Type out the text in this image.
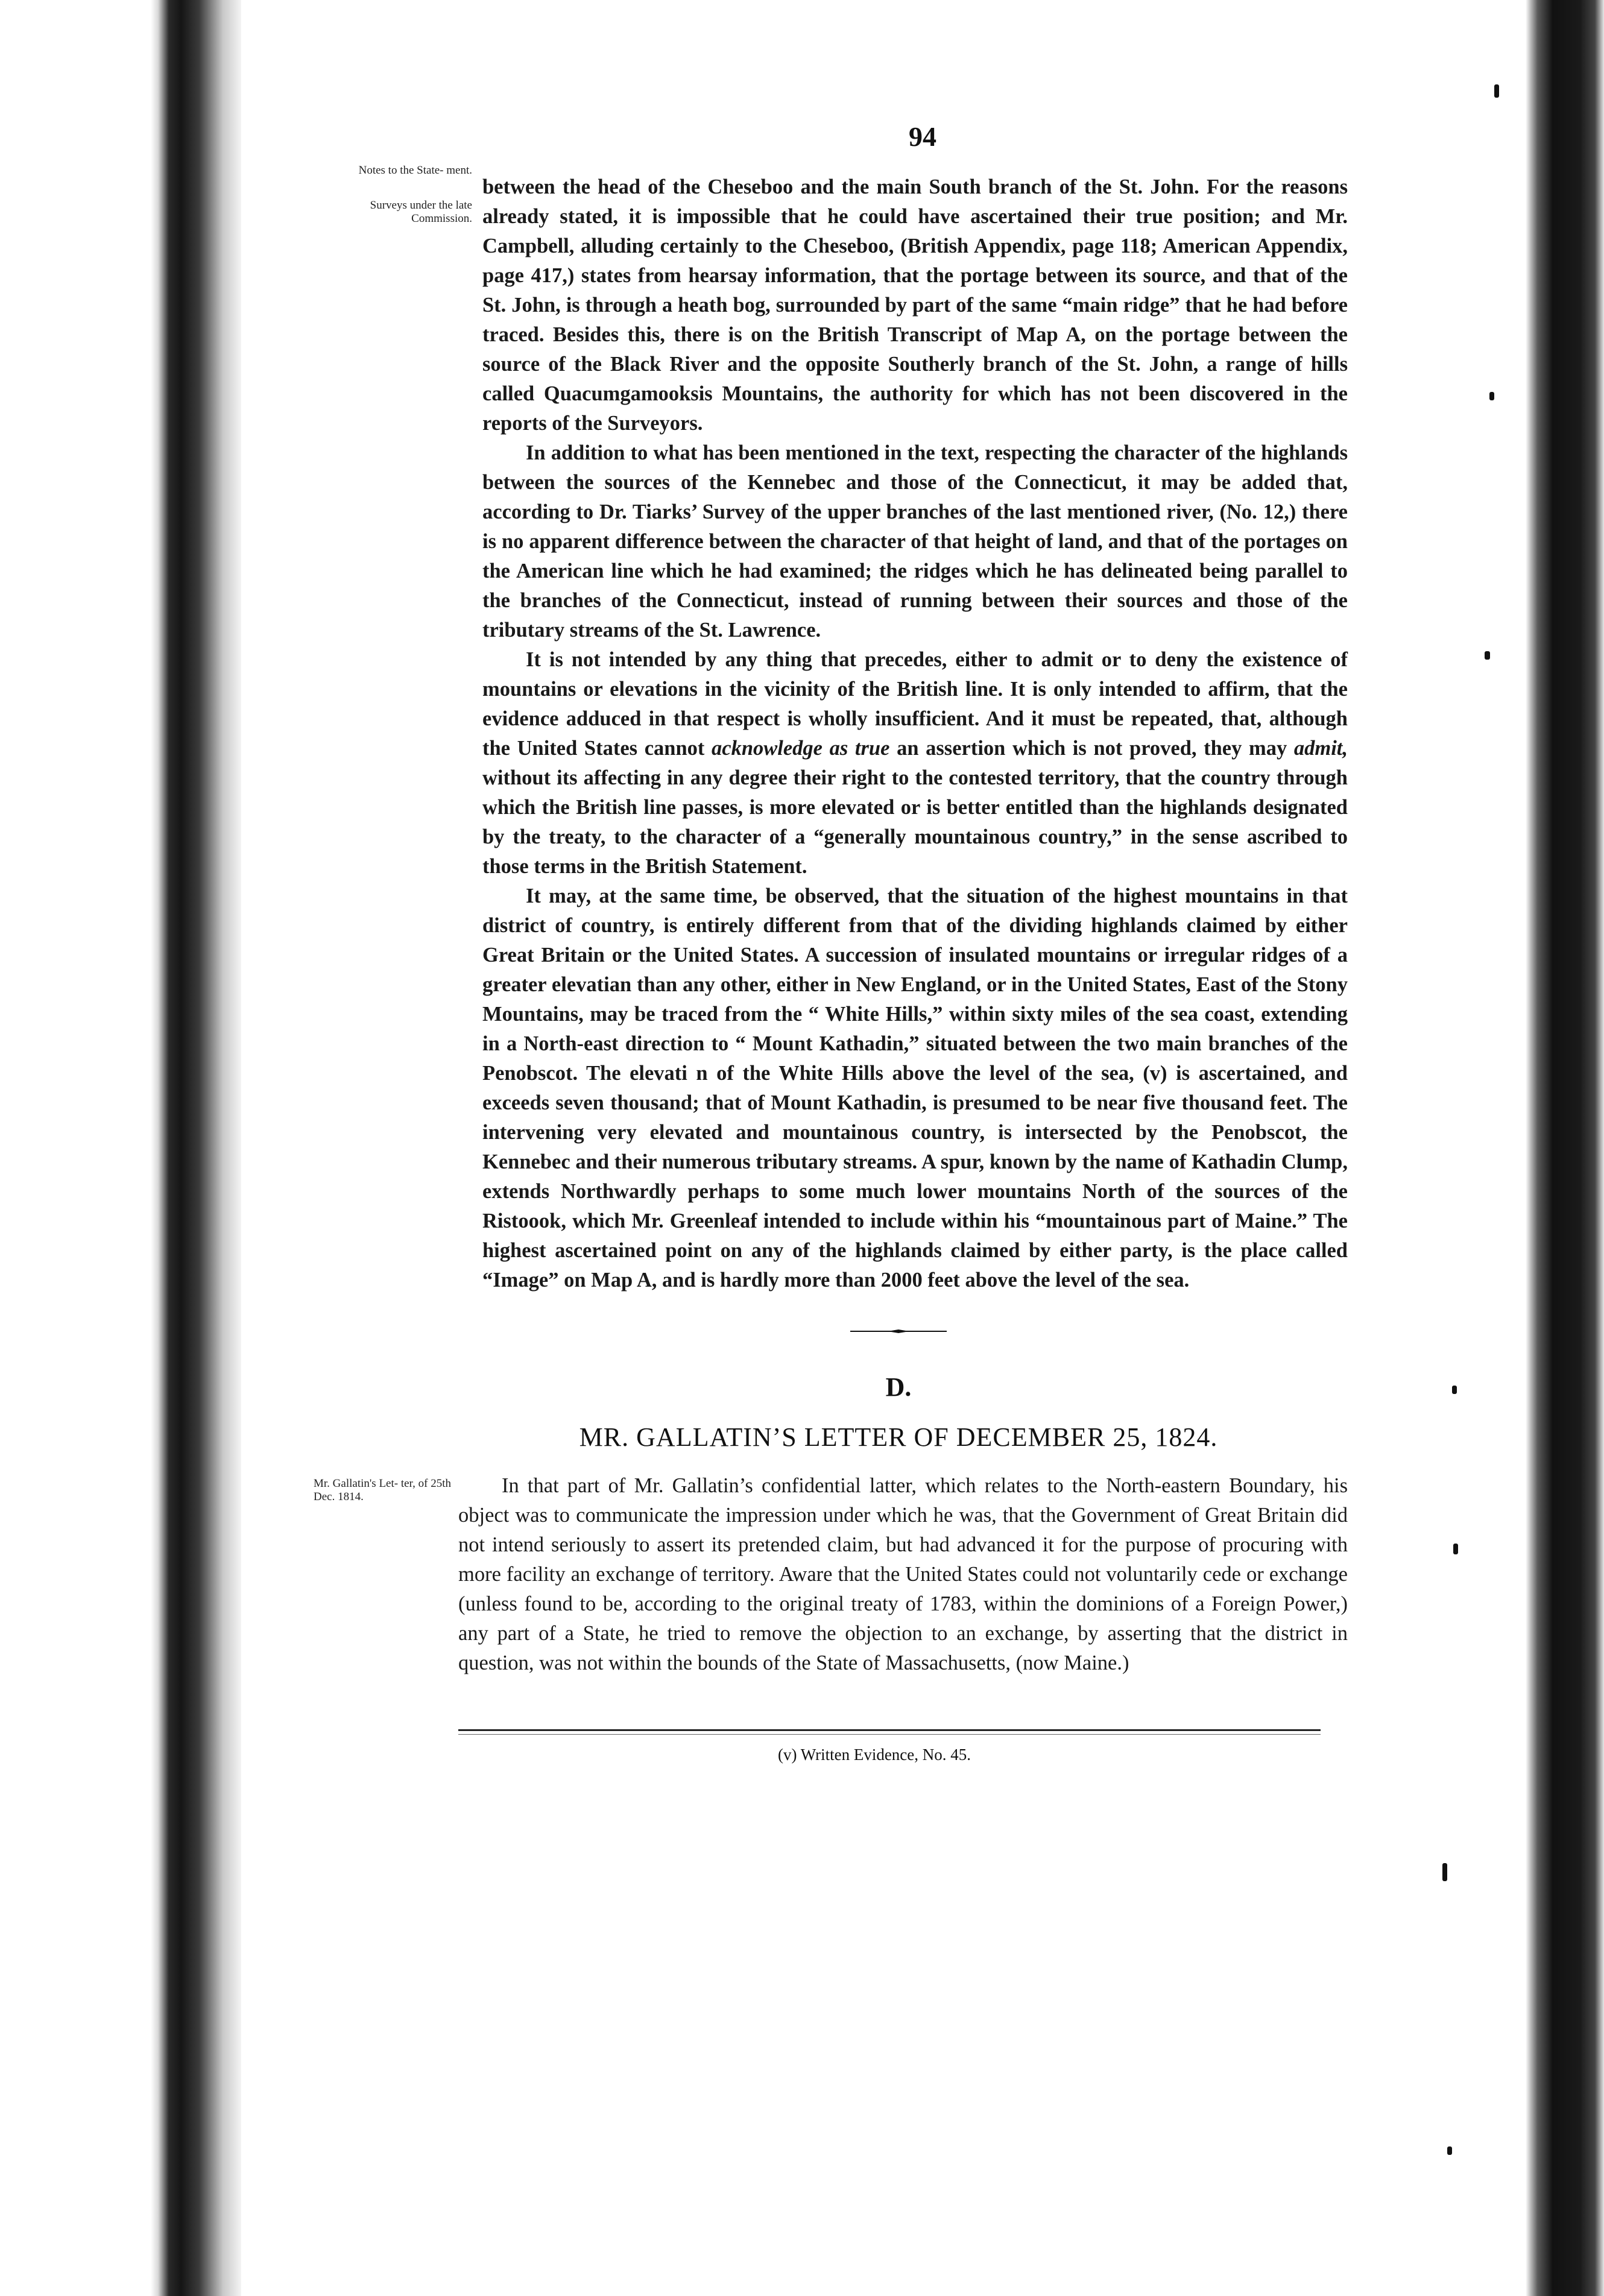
94
Notes to the State- ment.
Surveys under the late Commission.
Mr. Gallatin's Let- ter, of 25th Dec. 1814.

between the head of the Cheseboo and the main South branch of the St. John. For the reasons already stated, it is impossible that he could have ascertained their true position; and Mr. Campbell, alluding certainly to the Cheseboo, (British Appendix, page 118; American Appendix, page 417,) states from hearsay information, that the portage between its source, and that of the St. John, is through a heath bog, surrounded by part of the same “main ridge” that he had before traced. Besides this, there is on the British Transcript of Map A, on the portage between the source of the Black River and the opposite Southerly branch of the St. John, a range of hills called Quacumgamooksis Mountains, the authority for which has not been discovered in the reports of the Surveyors.

In addition to what has been mentioned in the text, respecting the character of the highlands between the sources of the Kennebec and those of the Connecticut, it may be added that, according to Dr. Tiarks’ Survey of the upper branches of the last mentioned river, (No. 12,) there is no apparent difference between the character of that height of land, and that of the portages on the American line which he had examined; the ridges which he has delineated being parallel to the branches of the Connecticut, instead of running between their sources and those of the tributary streams of the St. Lawrence.

It is not intended by any thing that precedes, either to admit or to deny the existence of mountains or elevations in the vicinity of the British line. It is only intended to affirm, that the evidence adduced in that respect is wholly insufficient. And it must be repeated, that, although the United States cannot acknowledge as true an assertion which is not proved, they may admit, without its affecting in any degree their right to the contested territory, that the country through which the British line passes, is more elevated or is better entitled than the highlands designated by the treaty, to the character of a “generally mountainous country,” in the sense ascribed to those terms in the British Statement.

It may, at the same time, be observed, that the situation of the highest mountains in that district of country, is entirely different from that of the dividing highlands claimed by either Great Britain or the United States. A succession of insulated mountains or irregular ridges of a greater elevatian than any other, either in New England, or in the United States, East of the Stony Mountains, may be traced from the “ White Hills,” within sixty miles of the sea coast, extending in a North-east direction to “ Mount Kathadin,” situated between the two main branches of the Penobscot. The elevati n of the White Hills above the level of the sea, (v) is ascertained, and exceeds seven thousand; that of Mount Kathadin, is presumed to be near five thousand feet. The intervening very elevated and mountainous country, is intersected by the Penobscot, the Kennebec and their numerous tributary streams. A spur, known by the name of Kathadin Clump, extends Northwardly perhaps to some much lower mountains North of the sources of the Ristoook, which Mr. Greenleaf intended to include within his “mountainous part of Maine.” The highest ascertained point on any of the highlands claimed by either party, is the place called “Image” on Map A, and is hardly more than 2000 feet above the level of the sea.

D.
MR. GALLATIN’S LETTER OF DECEMBER 25, 1824.

In that part of Mr. Gallatin’s confidential latter, which relates to the North-eastern Boundary, his object was to communicate the impression under which he was, that the Government of Great Britain did not intend seriously to assert its pretended claim, but had advanced it for the purpose of procuring with more facility an exchange of territory. Aware that the United States could not voluntarily cede or exchange (unless found to be, according to the original treaty of 1783, within the dominions of a Foreign Power,) any part of a State, he tried to remove the objection to an exchange, by asserting that the district in question, was not within the bounds of the State of Massachusetts, (now Maine.)

(v) Written Evidence, No. 45.
